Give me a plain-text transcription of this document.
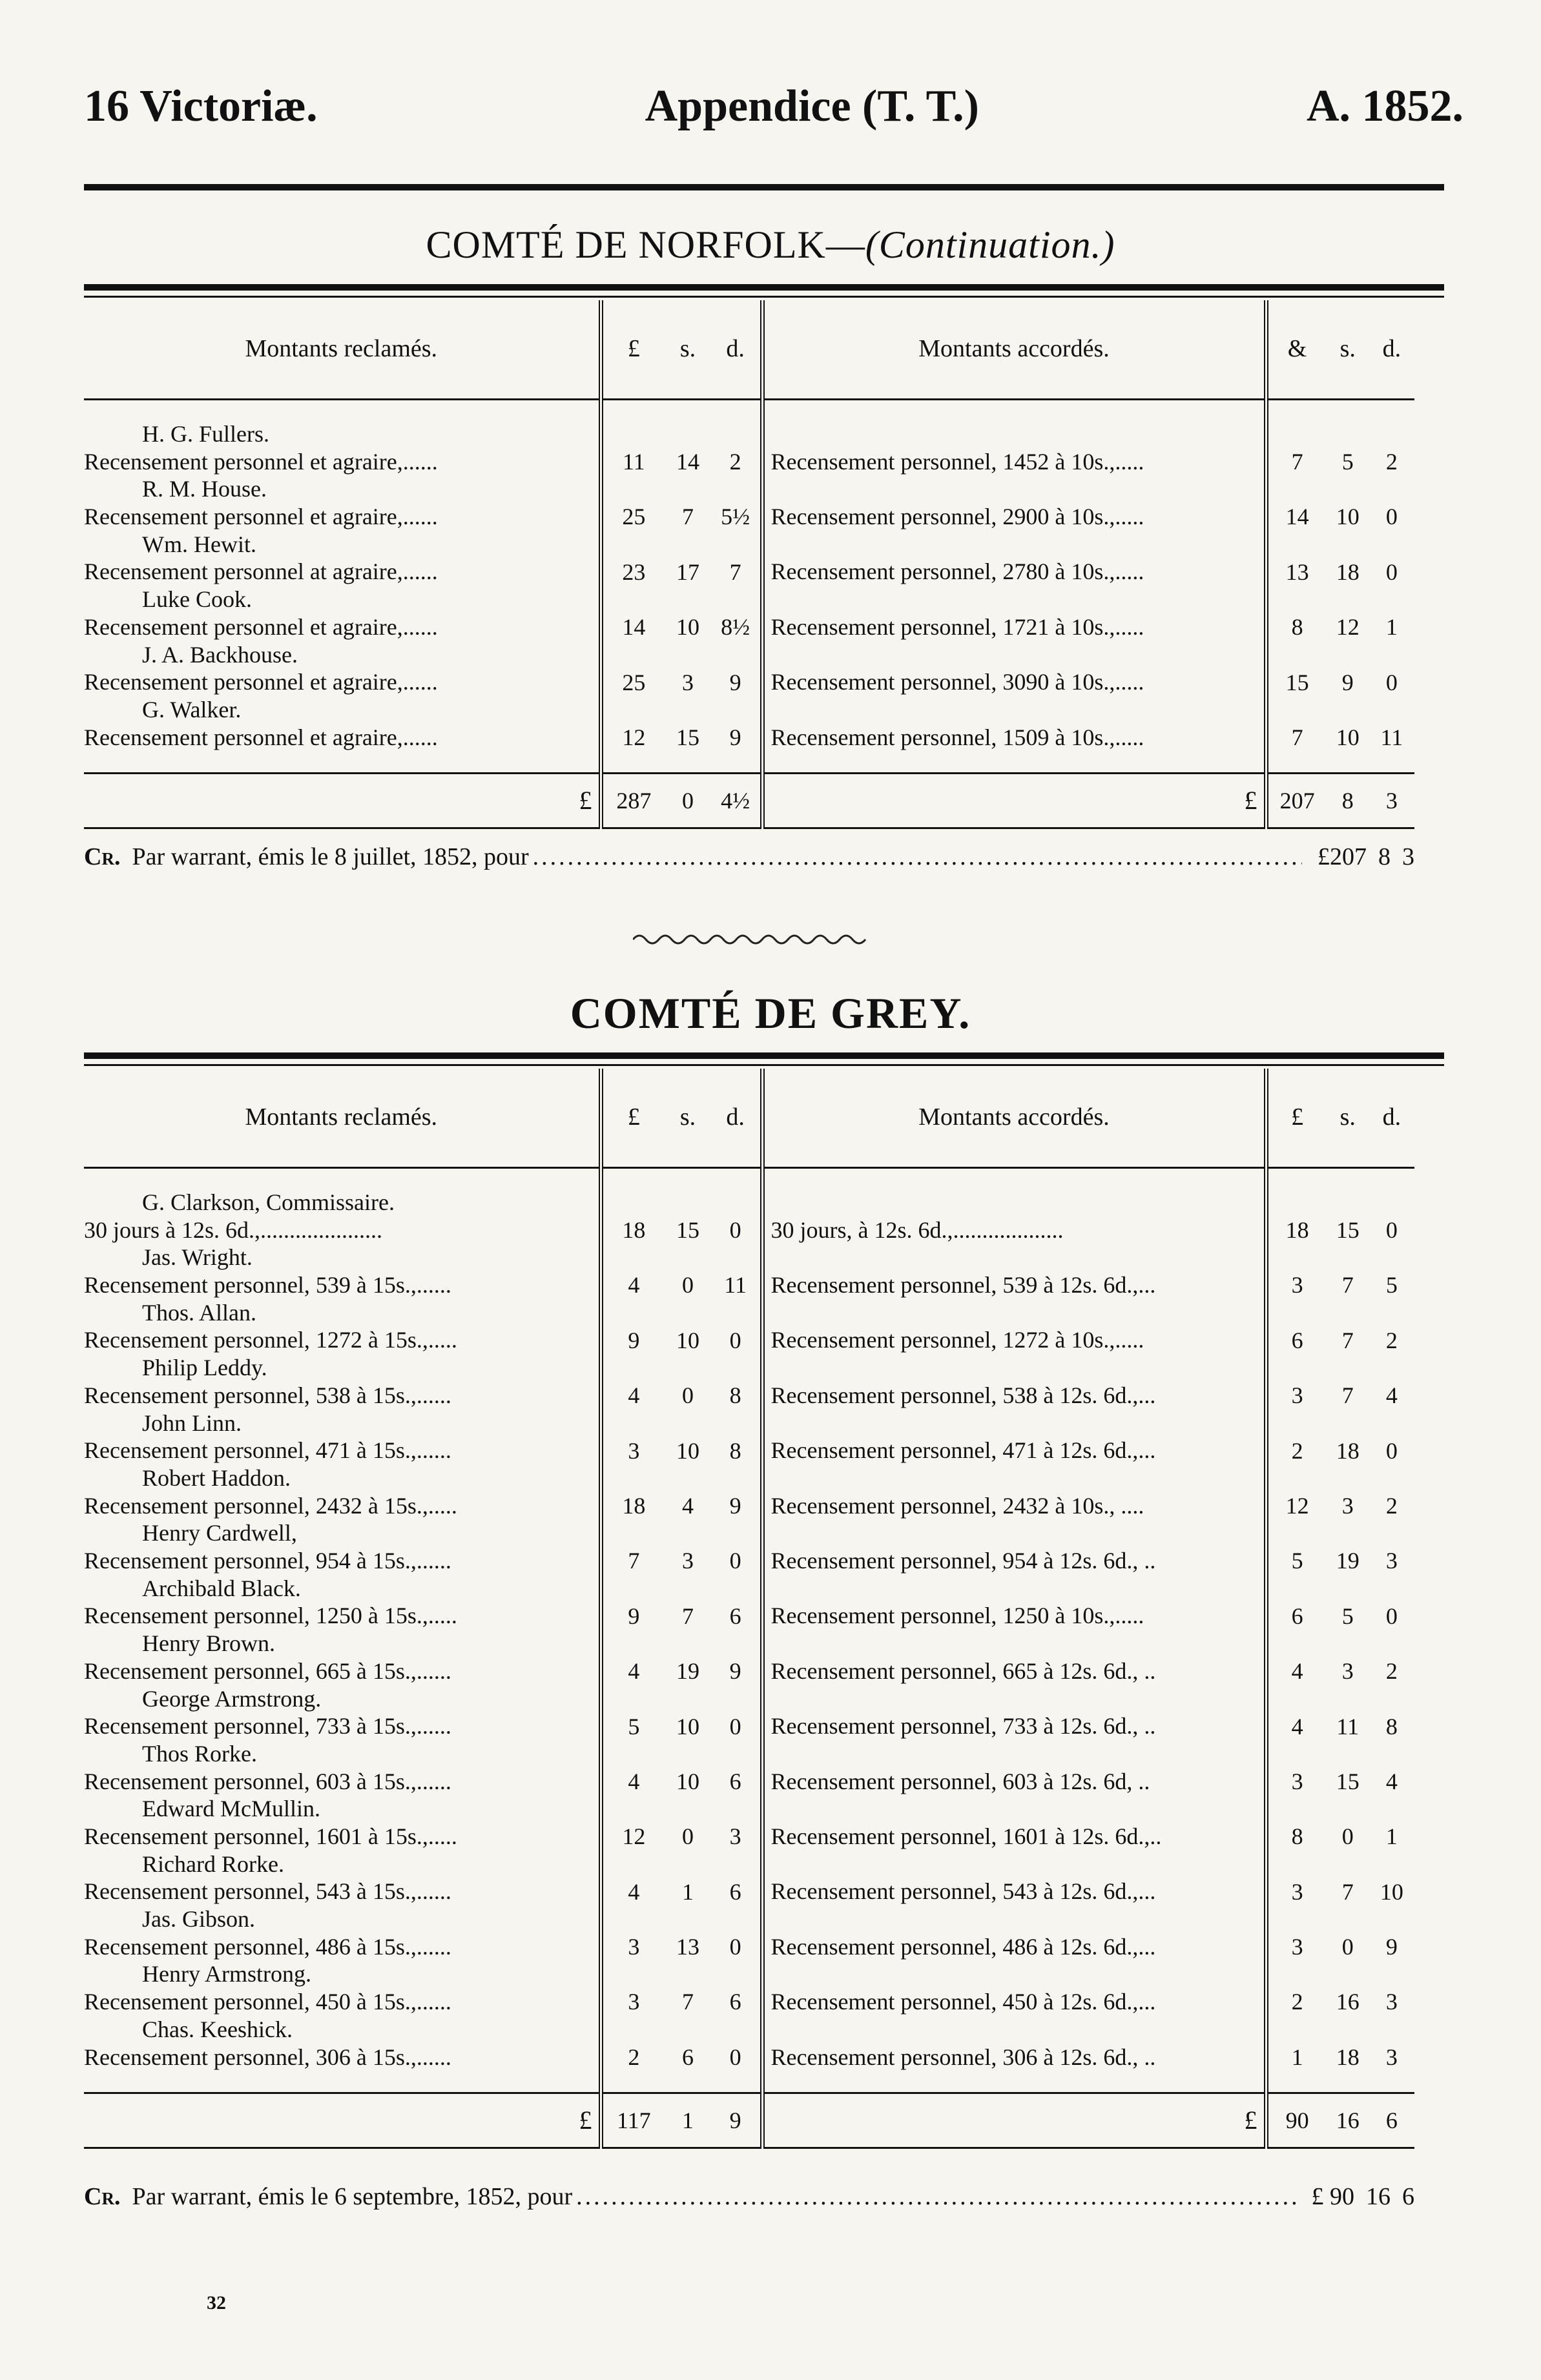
16 Victoriæ.	Appendice (T. T.)	A. 1852.
COMTÉ DE NORFOLK—(Continuation.)
Montants reclamés.	£ s. d.	Montants accordés.	& s. d.

H. G. Fullers.			
Recensement personnel et agraire,......	11 14 2	Recensement personnel, 1452 à 10s.,.....	7 5 2

R. M. House.			
Recensement personnel et agraire,......	25 7 5½	Recensement personnel, 2900 à 10s.,.....	14 10 0

Wm. Hewit.			
Recensement personnel at agraire,......	23 17 7	Recensement personnel, 2780 à 10s.,.....	13 18 0

Luke Cook.			
Recensement personnel et agraire,......	14 10 8½	Recensement personnel, 1721 à 10s.,.....	8 12 1

J. A. Backhouse.			
Recensement personnel et agraire,......	25 3 9	Recensement personnel, 3090 à 10s.,.....	15 9 0

G. Walker.			
Recensement personnel et agraire,......	12 15 9	Recensement personnel, 1509 à 10s.,.....	7 10 11

£	287 0 4½	£	207 8 3
Cr. Par warrant, émis le 8 juillet, 1852, pour .....	£207 8 3
COMTÉ DE GREY.
Montants reclamés.	£ s. d.	Montants accordés.	£ s. d.

G. Clarkson, Commissaire.			
30 jours à 12s. 6d.,.....................	18 15 0	30 jours, à 12s. 6d.,...................	18 15 0

Jas. Wright.			
Recensement personnel, 539 à 15s.,......	4 0 11	Recensement personnel, 539 à 12s. 6d.,...	3 7 5

Thos. Allan.			
Recensement personnel, 1272 à 15s.,.....	9 10 0	Recensement personnel, 1272 à 10s.,.....	6 7 2

Philip Leddy.			
Recensement personnel, 538 à 15s.,......	4 0 8	Recensement personnel, 538 à 12s. 6d.,...	3 7 4

John Linn.			
Recensement personnel, 471 à 15s.,......	3 10 8	Recensement personnel, 471 à 12s. 6d.,...	2 18 0

Robert Haddon.			
Recensement personnel, 2432 à 15s.,.....	18 4 9	Recensement personnel, 2432 à 10s., ....	12 3 2

Henry Cardwell,			
Recensement personnel, 954 à 15s.,......	7 3 0	Recensement personnel, 954 à 12s. 6d., ..	5 19 3

Archibald Black.			
Recensement personnel, 1250 à 15s.,.....	9 7 6	Recensement personnel, 1250 à 10s.,.....	6 5 0

Henry Brown.			
Recensement personnel, 665 à 15s.,......	4 19 9	Recensement personnel, 665 à 12s. 6d., ..	4 3 2

George Armstrong.			
Recensement personnel, 733 à 15s.,......	5 10 0	Recensement personnel, 733 à 12s. 6d., ..	4 11 8

Thos Rorke.			
Recensement personnel, 603 à 15s.,......	4 10 6	Recensement personnel, 603 à 12s. 6d, ..	3 15 4

Edward McMullin.			
Recensement personnel, 1601 à 15s.,.....	12 0 3	Recensement personnel, 1601 à 12s. 6d.,..	8 0 1

Richard Rorke.			
Recensement personnel, 543 à 15s.,......	4 1 6	Recensement personnel, 543 à 12s. 6d.,...	3 7 10

Jas. Gibson.			
Recensement personnel, 486 à 15s.,......	3 13 0	Recensement personnel, 486 à 12s. 6d.,...	3 0 9

Henry Armstrong.			
Recensement personnel, 450 à 15s.,......	3 7 6	Recensement personnel, 450 à 12s. 6d.,...	2 16 3

Chas. Keeshick.			
Recensement personnel, 306 à 15s.,......	2 6 0	Recensement personnel, 306 à 12s. 6d., ..	1 18 3

£	117 1 9	£	90 16 6
Cr. Par warrant, émis le 6 septembre, 1852, pour .....	£ 90 16 6
32
